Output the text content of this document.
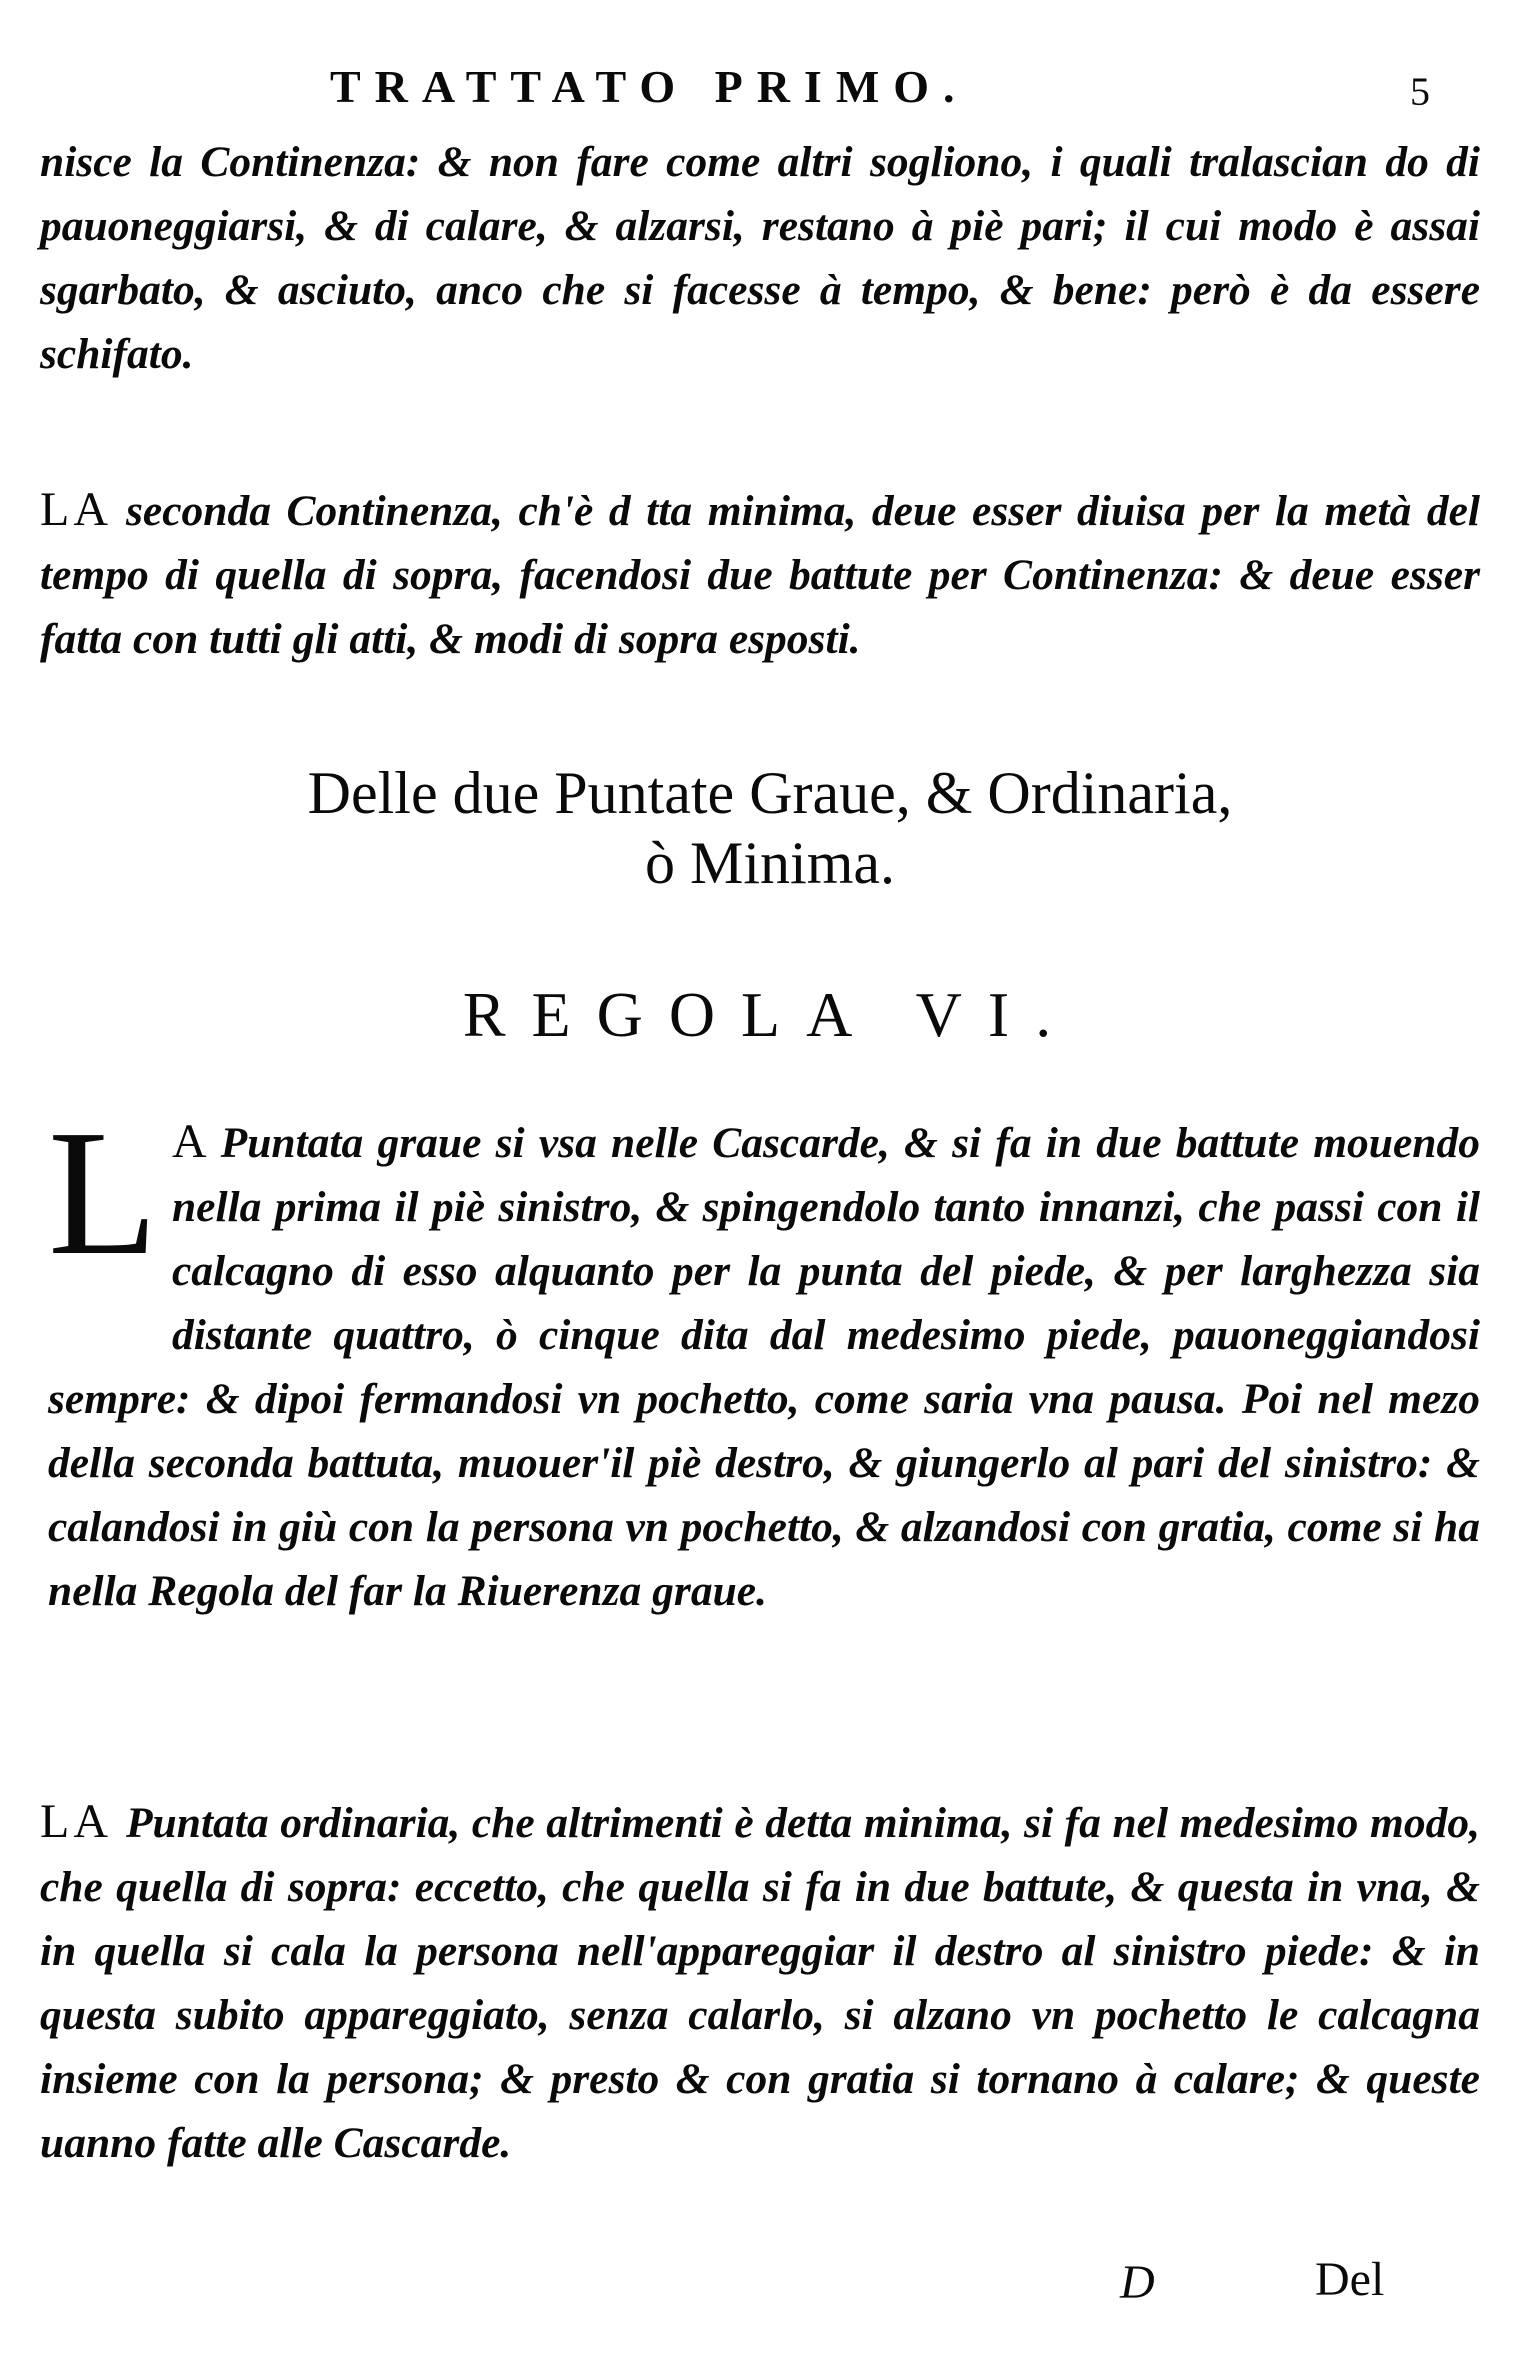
TRATTATO PRIMO.	5

nisce la Continenza: & non fare come altri sogliono, i quali tralascian do di pauoneggiarsi, & di calare, & alzarsi, restano à piè pari; il cui modo è assai sgarbato, & asciuto, anco che si facesse à tempo, & bene: però è da essere schifato.

LA seconda Continenza, ch'è d tta minima, deue esser diuisa per la metà del tempo di quella di sopra, facendosi due battute per Continenza: & deue esser fatta con tutti gli atti, & modi di sopra esposti.

Delle due Puntate Graue, & Ordinaria,
ò Minima.
REGOLA VI.

L A Puntata graue si vsa nelle Cascarde, & si fa in due battute mouendo nella prima il piè sinistro, & spingendolo tanto innanzi, che passi con il calcagno di esso alquanto per la punta del piede, & per larghezza sia distante quattro, ò cinque dita dal medesimo piede, pauoneggiandosi sempre: & dipoi fermandosi vn pochetto, come saria vna pausa. Poi nel mezo della seconda battuta, muouer'il piè destro, & giungerlo al pari del sinistro: & calandosi in giù con la persona vn pochetto, & alzandosi con gratia, come si ha nella Regola del far la Riuerenza graue.

LA Puntata ordinaria, che altrimenti è detta minima, si fa nel medesimo modo, che quella di sopra: eccetto, che quella si fa in due battute, & questa in vna, & in quella si cala la persona nell'appareggiar il destro al sinistro piede: & in questa subito appareggiato, senza calarlo, si alzano vn pochetto le calcagna insieme con la persona; & presto & con gratia si tornano à calare; & queste uanno fatte alle Cascarde.

D	Del
